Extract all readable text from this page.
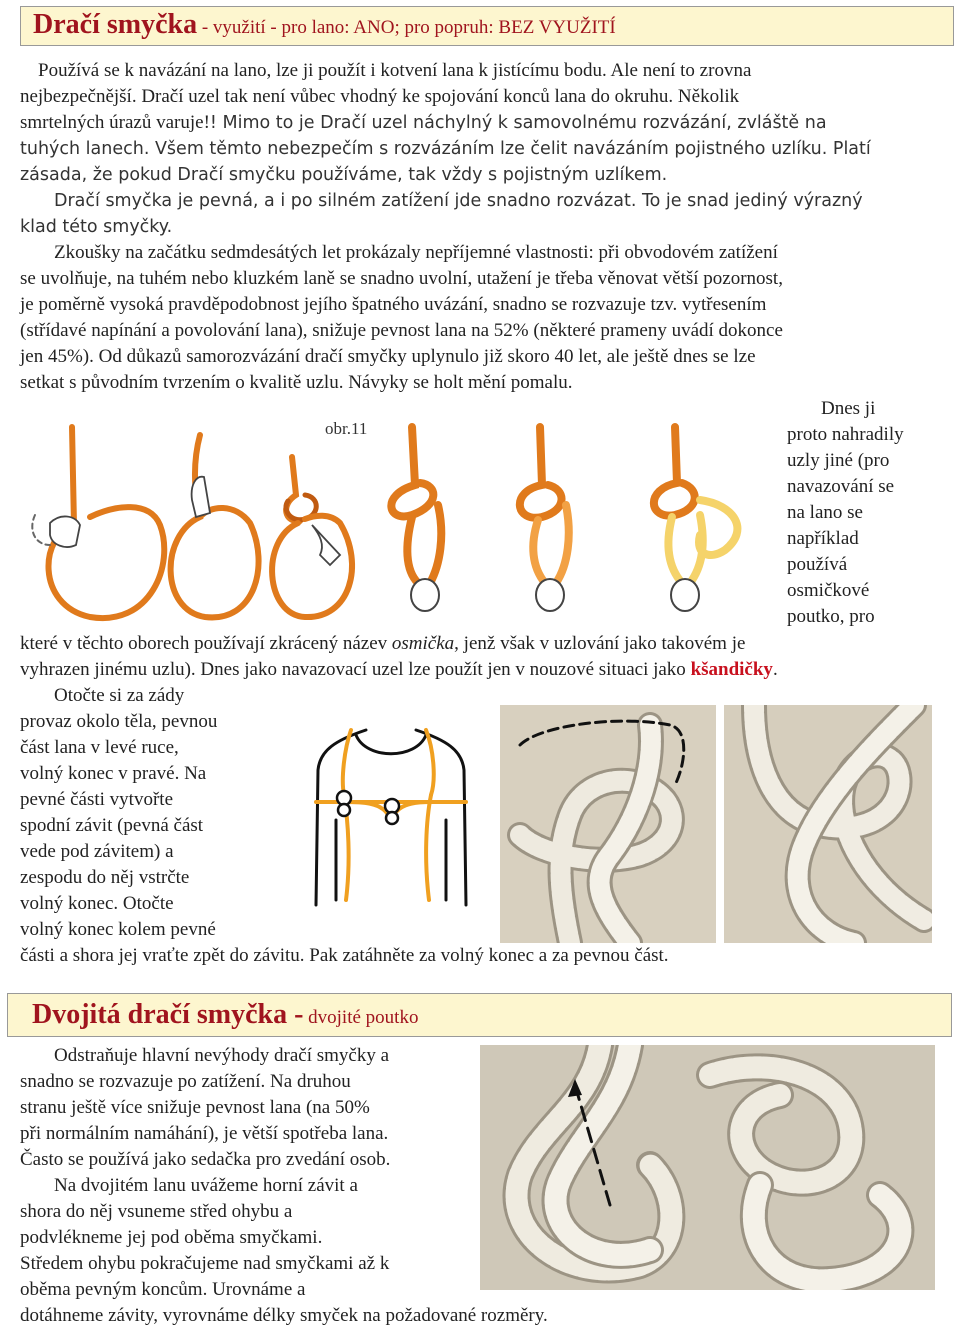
Dračí smyčka - využití - pro lano: ANO; pro popruh: BEZ VYUŽITÍ

Používá se k navázání na lano, lze ji použít i kotvení lana k jistícímu bodu. Ale není to zrovna

nejbezpečnější. Dračí uzel tak není vůbec vhodný ke spojování konců lana do okruhu. Několik

smrtelných úrazů varuje!! Mimo to je Dračí uzel náchylný k samovolnému rozvázání, zvláště na

tuhých lanech. Všem těmto nebezpečím s rozvázáním lze čelit navázáním pojistného uzlíku. Platí

zásada, že pokud Dračí smyčku používáme, tak vždy s pojistným uzlíkem.

Dračí smyčka je pevná, a i po silném zatížení jde snadno rozvázat. To je snad jediný výrazný

klad této smyčky.

Zkoušky na začátku sedmdesátých let prokázaly nepříjemné vlastnosti: při obvodovém zatížení

se uvolňuje, na tuhém nebo kluzkém laně se snadno uvolní, utažení je třeba věnovat větší pozornost,

je poměrně vysoká pravděpodobnost jejího špatného uvázání, snadno se rozvazuje tzv. vytřesením

(střídavé napínání a povolování lana), snižuje pevnost lana na 52% (některé prameny uvádí dokonce

jen 45%). Od důkazů samorozvázání dračí smyčky uplynulo již skoro 40 let, ale ještě dnes se lze

setkat s původním tvrzením o kvalitě uzlu. Návyky se holt mění pomalu.

obr.11

Dnes ji

proto nahradily

uzly jiné (pro

navazování se

na lano se

například

používá

osmičkové

poutko, pro

které v těchto oborech používají zkrácený název osmička, jenž však v uzlování jako takovém je

vyhrazen jinému uzlu). Dnes jako navazovací uzel lze použít jen v nouzové situaci jako kšandičky.

Otočte si za zády

provaz okolo těla, pevnou

část lana v levé ruce,

volný konec v pravé. Na

pevné části vytvořte

spodní závit (pevná část

vede pod závitem) a

zespodu do něj vstrčte

volný konec. Otočte

volný konec kolem pevné

části a shora jej vraťte zpět do závitu. Pak zatáhněte za volný konec a za pevnou část.

Dvojitá dračí smyčka - dvojité poutko

Odstraňuje hlavní nevýhody dračí smyčky a

snadno se rozvazuje po zatížení. Na druhou

stranu ještě více snižuje pevnost lana (na 50%

při normálním namáhání), je větší spotřeba lana.

Často se používá jako sedačka pro zvedání osob.

Na dvojitém lanu uvážeme horní závit a

shora do něj vsuneme střed ohybu a

podvlékneme jej pod oběma smyčkami.

Středem ohybu pokračujeme nad smyčkami až k

oběma pevným koncům. Urovnáme a

dotáhneme závity, vyrovnáme délky smyček na požadované rozměry.
